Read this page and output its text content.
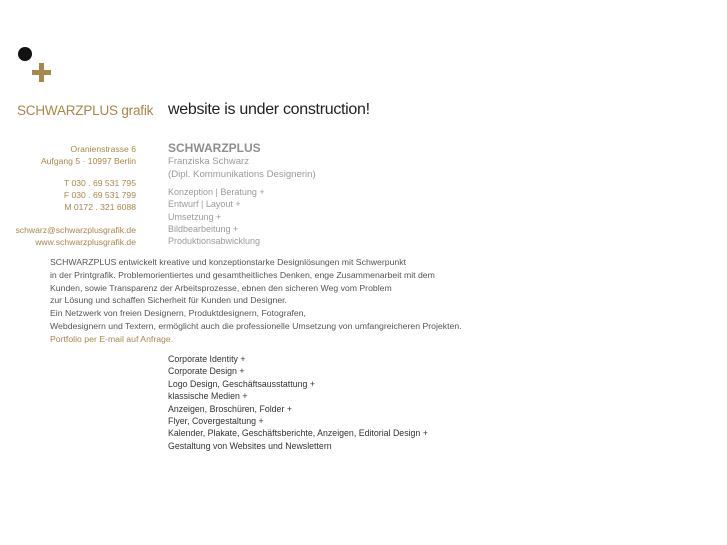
SCHWARZPLUS grafik website is under construction!
Oranienstrasse 6
Aufgang 5 · 10997 Berlin
T 030 . 69 531 795
F 030 . 69 531 799
M 0172 . 321 6088
schwarz@schwarzplusgrafik.de
www.schwarzplusgrafik.de
SCHWARZPLUS
Franziska Schwarz
(Dipl. Kommunikations Designerin)
Konzeption | Beratung +
Entwurf | Layout +
Umsetzung +
Bildbearbeitung +
Produktionsabwicklung
SCHWARZPLUS entwickelt kreative und konzeptionstarke Designlösungen mit Schwerpunkt
in der Printgrafik. Problemorientiertes und gesamtheitliches Denken, enge Zusammenarbeit mit dem
Kunden, sowie Transparenz der Arbeitsprozesse, ebnen den sicheren Weg vom Problem
zur Lösung und schaffen Sicherheit für Kunden und Designer.
Ein Netzwerk von freien Designern, Produktdesignern, Fotografen,
Webdesignern und Textern, ermöglicht auch die professionelle Umsetzung von umfangreicheren Projekten.
Portfolio per E-mail auf Anfrage.
Corporate Identity +
Corporate Design +
Logo Design, Geschäftsausstattung +
klassische Medien +
Anzeigen, Broschüren, Folder +
Flyer, Covergestaltung +
Kalender, Plakate, Geschäftsberichte, Anzeigen, Editorial Design +
Gestaltung von Websites und Newslettern
